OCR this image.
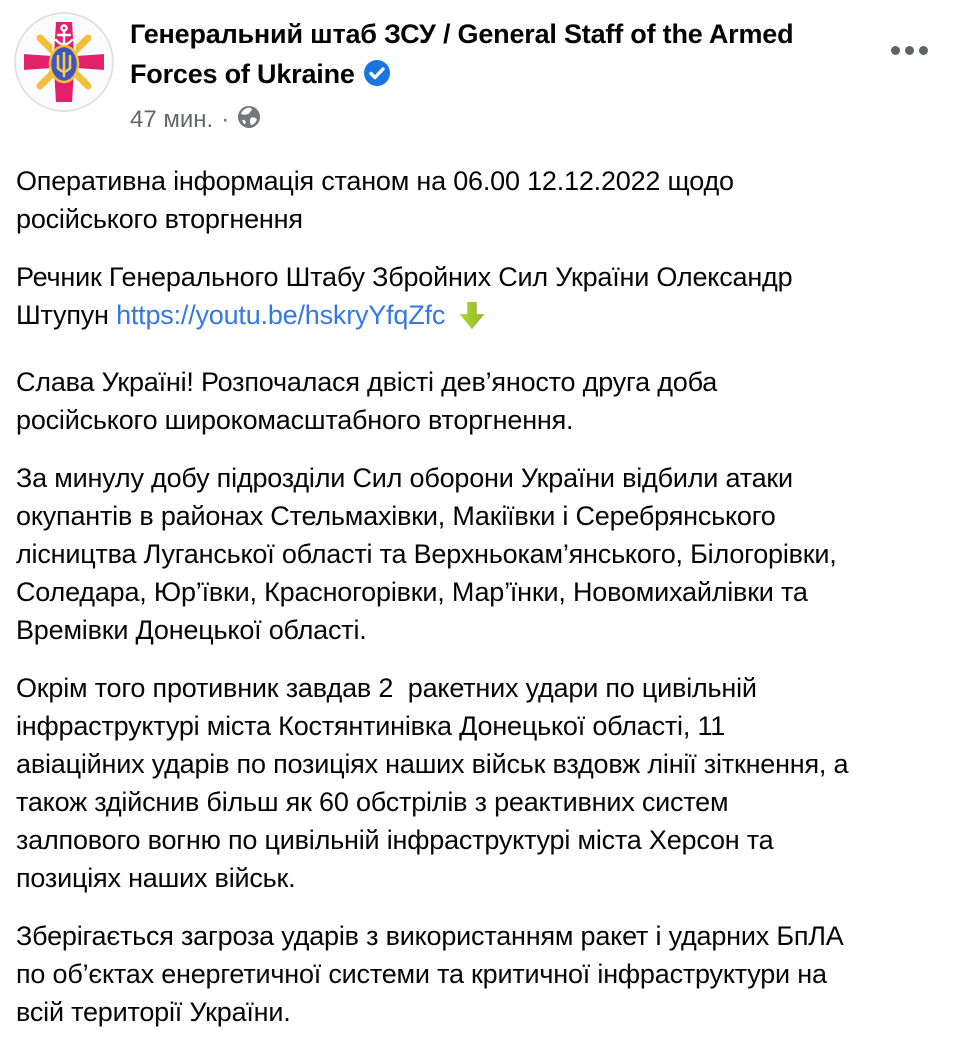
Генеральний штаб ЗСУ / General Staff of the Armed Forces of Ukraine
47 мин. ·

Оперативна інформація станом на 06.00 12.12.2022 щодо російського вторгнення

Речник Генерального Штабу Збройних Сил України Олександр Штупун https://youtu.be/hskryYfqZfc

Слава Україні! Розпочалася двісті дев’яносто друга доба російського широкомасштабного вторгнення.

За минулу добу підрозділи Сил оборони України відбили атаки окупантів в районах Стельмахівки, Макіївки і Серебрянського лісництва Луганської області та Верхньокам’янського, Білогорівки, Соледара, Юр’ївки, Красногорівки, Мар’їнки, Новомихайлівки та Времівки Донецької області.

Окрім того противник завдав 2  ракетних удари по цивільній інфраструктурі міста Костянтинівка Донецької області, 11 авіаційних ударів по позиціях наших військ вздовж лінії зіткнення, а також здійснив більш як 60 обстрілів з реактивних систем залпового вогню по цивільній інфраструктурі міста Херсон та позиціях наших військ.

Зберігається загроза ударів з використанням ракет і ударних БпЛА по об’єктах енергетичної системи та критичної інфраструктури на всій території України.
